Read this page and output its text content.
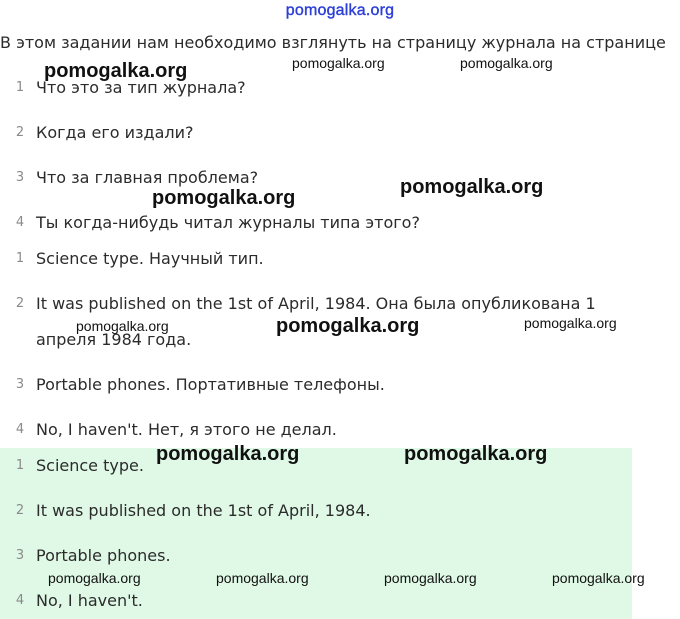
pomogalka.org
В этом задании нам необходимо взглянуть на страницу журнала на странице
1 Что это за тип журнала?
2 Когда его издали?
3 Что за главная проблема?
4 Ты когда-нибудь читал журналы типа этого?
1 Science type. Научный тип.
2 It was published on the 1st of April, 1984. Она была опубликована 1 апреля 1984 года.
3 Portable phones. Портативные телефоны.
4 No, I haven't. Нет, я этого не делал.
1 Science type.
2 It was published on the 1st of April, 1984.
3 Portable phones.
4 No, I haven't.
pomogalka.org	pomogalka.org	pomogalka.org
pomogalka.org	pomogalka.org
pomogalka.org	pomogalka.org	pomogalka.org
pomogalka.org	pomogalka.org
pomogalka.org	pomogalka.org	pomogalka.org	pomogalka.org
